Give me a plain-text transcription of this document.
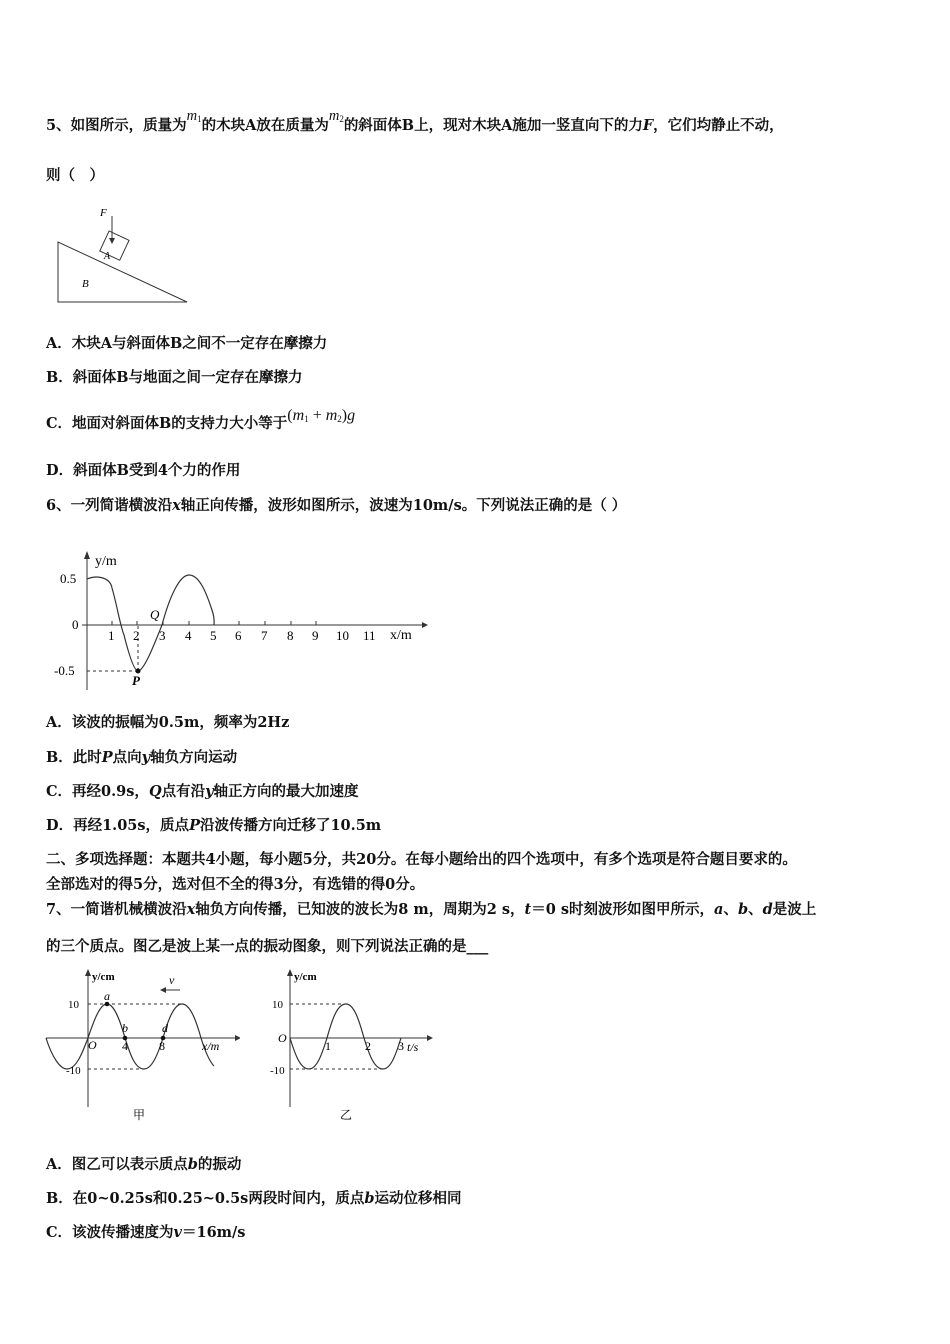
5、如图所示，质量为$m_1$的木块A放在质量为$m_2$的斜面体B上，现对木块A施加一竖直向下的力F，它们均静止不动，
则（　）
F
A
B
A．木块A与斜面体B之间不一定存在摩擦力
B．斜面体B与地面之间一定存在摩擦力
C．地面对斜面体B的支持力大小等于$(m_1 + m_2)g$
D．斜面体B受到4个力的作用
6、一列简谐横波沿x轴正向传播，波形如图所示，波速为10m/s。下列说法正确的是（ ）
P
Q
y/m
x/m
0.5
0
-0.5
1 2 3 4 5 6 7 8 9 10 11
A．该波的振幅为0.5m，频率为2Hz
B．此时P点向y轴负方向运动
C．再经0.9s，Q点有沿y轴正方向的最大加速度
D．再经1.05s，质点P沿波传播方向迁移了10.5m
二、多项选择题：本题共4小题，每小题5分，共20分。在每小题给出的四个选项中，有多个选项是符合题目要求的。
全部选对的得5分，选对但不全的得3分，有选错的得0分。
7、一简谐机械横波沿x轴负方向传播，已知波的波长为8 m，周期为2 s，t＝0 s时刻波形如图甲所示，a、b、d是波上
的三个质点。图乙是波上某一点的振动图象，则下列说法正确的是___
y/cm
x/m
10
-10
O 4	8
a
b	d
v
甲
y/cm
t/s
10
-10
O
1	2 3
乙
A．图乙可以表示质点b的振动
B．在0~0.25s和0.25~0.5s两段时间内，质点b运动位移相同
C．该波传播速度为v＝16m/s
